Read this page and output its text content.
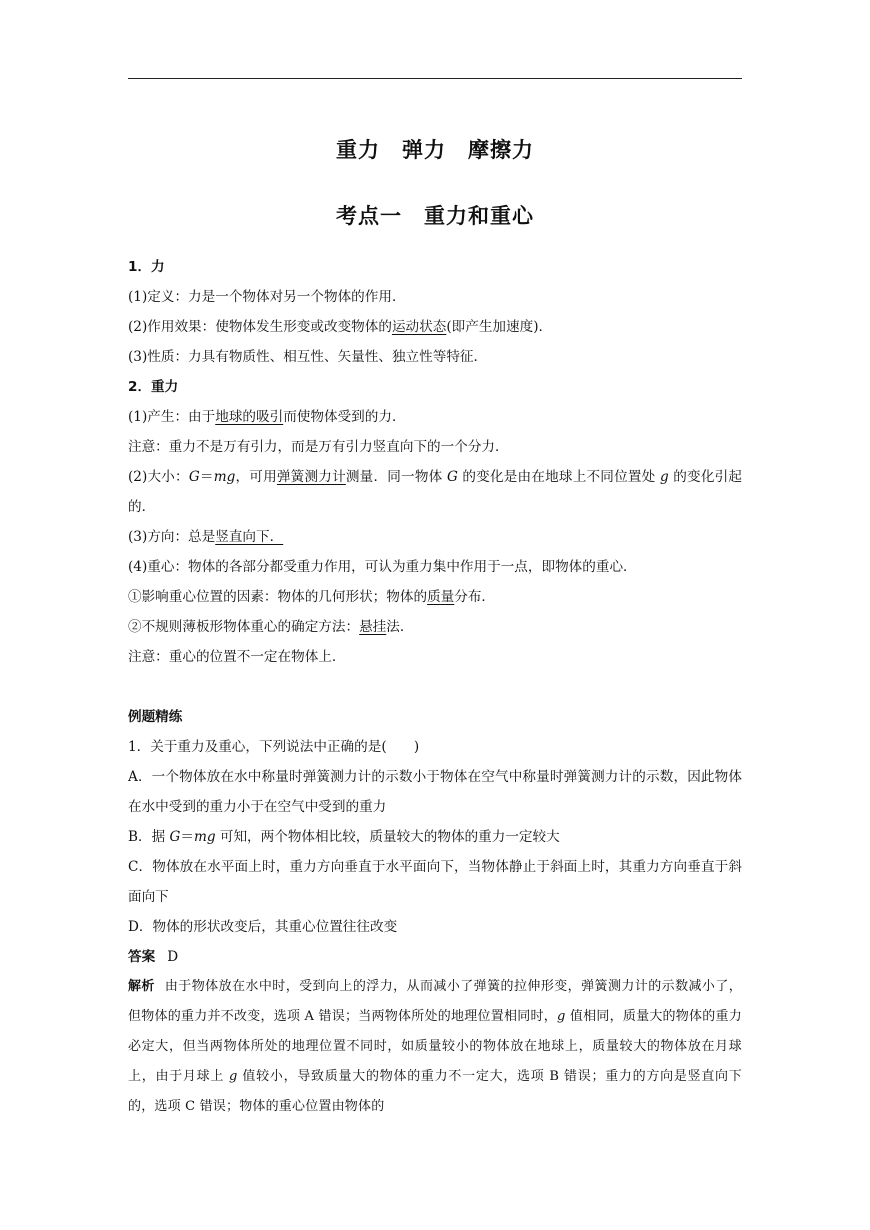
重力　弹力　摩擦力
考点一　重力和重心
1．力
(1)定义：力是一个物体对另一个物体的作用．
(2)作用效果：使物体发生形变或改变物体的运动状态(即产生加速度)．
(3)性质：力具有物质性、相互性、矢量性、独立性等特征．
2．重力
(1)产生：由于地球的吸引而使物体受到的力．
注意：重力不是万有引力，而是万有引力竖直向下的一个分力．
(2)大小：G＝mg，可用弹簧测力计测量．同一物体 G 的变化是由在地球上不同位置处 g 的变化引起的．
(3)方向：总是竖直向下．
(4)重心：物体的各部分都受重力作用，可认为重力集中作用于一点，即物体的重心．
①影响重心位置的因素：物体的几何形状；物体的质量分布．
②不规则薄板形物体重心的确定方法：悬挂法．
注意：重心的位置不一定在物体上．
例题精练
1．关于重力及重心，下列说法中正确的是(　　)
A．一个物体放在水中称量时弹簧测力计的示数小于物体在空气中称量时弹簧测力计的示数，因此物体在水中受到的重力小于在空气中受到的重力
B．据 G＝mg 可知，两个物体相比较，质量较大的物体的重力一定较大
C．物体放在水平面上时，重力方向垂直于水平面向下，当物体静止于斜面上时，其重力方向垂直于斜面向下
D．物体的形状改变后，其重心位置往往改变
答案 D
解析 由于物体放在水中时，受到向上的浮力，从而减小了弹簧的拉伸形变，弹簧测力计的示数减小了，但物体的重力并不改变，选项 A 错误；当两物体所处的地理位置相同时，g 值相同，质量大的物体的重力必定大，但当两物体所处的地理位置不同时，如质量较小的物体放在地球上，质量较大的物体放在月球上，由于月球上 g 值较小，导致质量大的物体的重力不一定大，选项 B 错误；重力的方向是竖直向下的，选项 C 错误；物体的重心位置由物体的
